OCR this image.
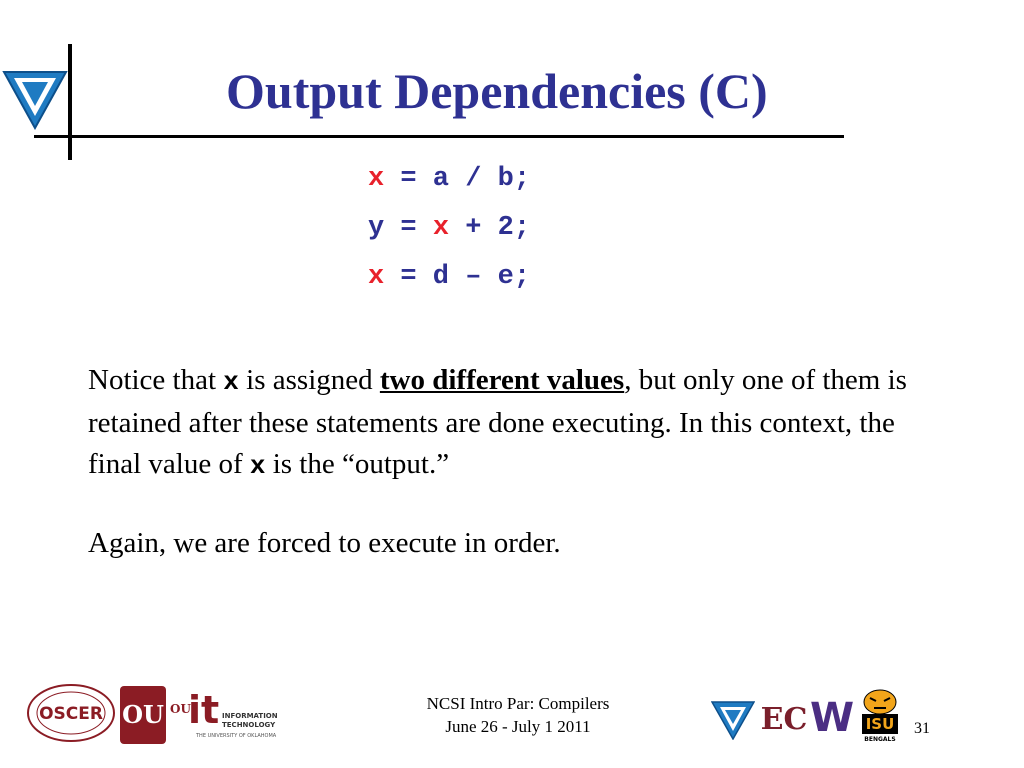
Output Dependencies (C)
x = a / b;
y = x + 2;
x = d – e;
Notice that x is assigned two different values, but only one of them is retained after these statements are done executing. In this context, the final value of x is the “output.”
Again, we are forced to execute in order.
OSCER OU OU
it INFORMATION
TECHNOLOGY
THE UNIVERSITY OF OKLAHOMA
NCSI Intro Par: Compilers
June 26 - July 1 2011	EC W ISU
BENGALS
31
